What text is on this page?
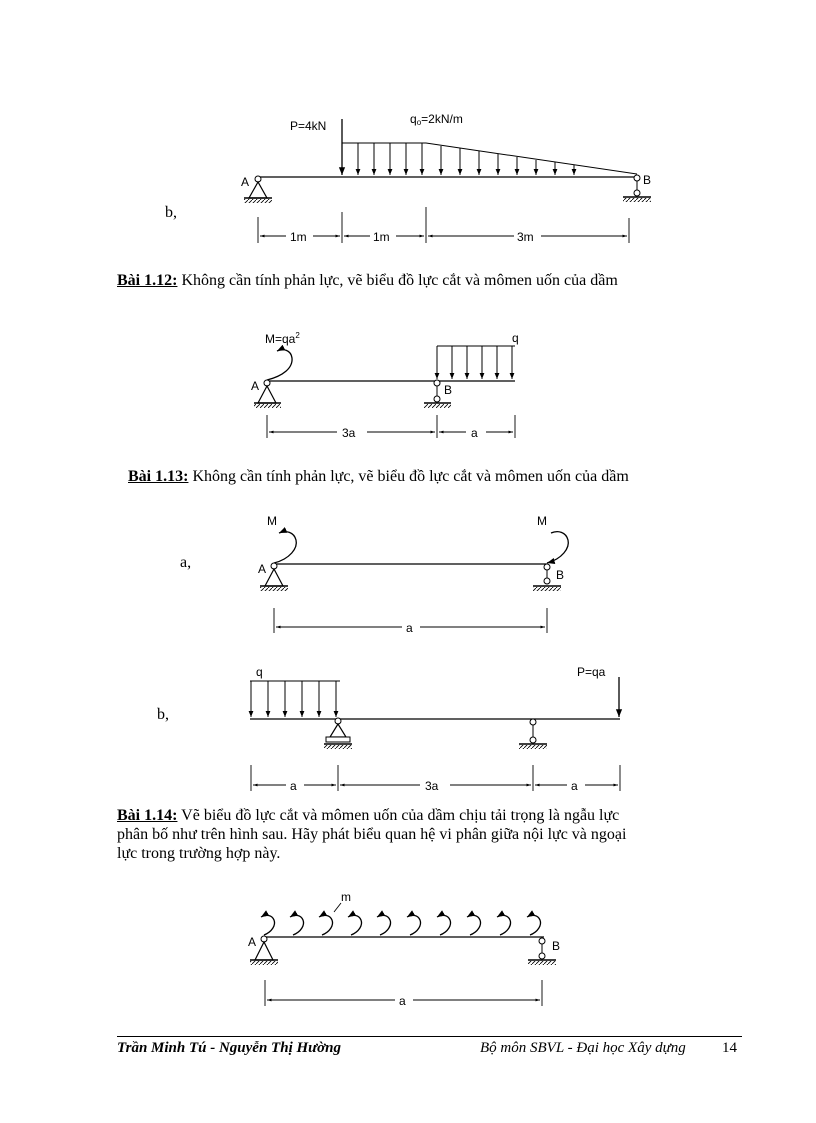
b,
Bài 1.12: Không cần tính phản lực, vẽ biểu đồ lực cắt và mômen uốn của dầm
Bài 1.13: Không cần tính phản lực, vẽ biểu đồ lực cắt và mômen uốn của dầm
a,
b,
Bài 1.14: Vẽ biểu đồ lực cắt và mômen uốn của dầm chịu tải trọng là ngẫu lực
phân bố như trên hình sau. Hãy phát biểu quan hệ vi phân giữa nội lực và ngoại
lực trong trường hợp này.
Trần Minh Tú - Nguyễn Thị Hường	Bộ môn SBVL - Đại học Xây dựng 14
P=4kN	qo=2kN/m
A	B
1m	1m	3m
$M=qa^2$	q
A	B
3a	a
M	M
A	B
a
q	P=qa
a	3a	a
m
A	B
a
